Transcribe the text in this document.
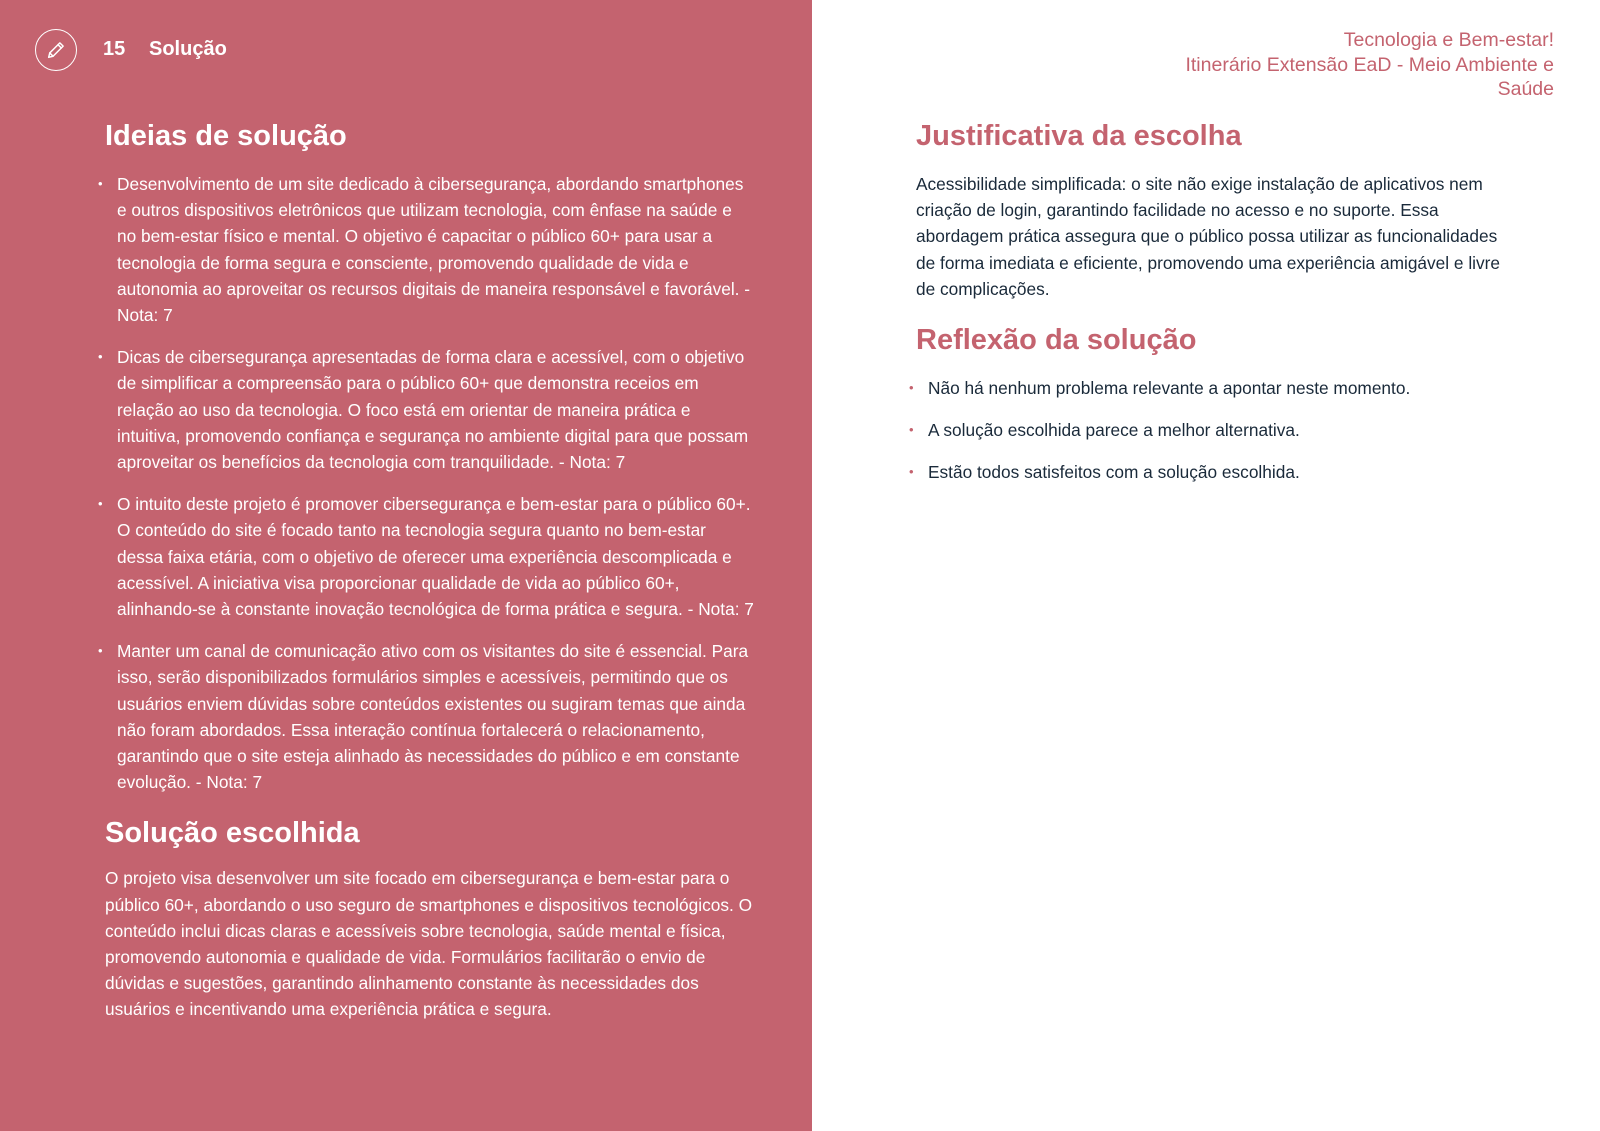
15 Solução
Ideias de solução
• Desenvolvimento de um site dedicado à cibersegurança, abordando smartphones e outros dispositivos eletrônicos que utilizam tecnologia, com ênfase na saúde e no bem-estar físico e mental. O objetivo é capacitar o público 60+ para usar a tecnologia de forma segura e consciente, promovendo qualidade de vida e autonomia ao aproveitar os recursos digitais de maneira responsável e favorável. - Nota: 7
• Dicas de cibersegurança apresentadas de forma clara e acessível, com o objetivo de simplificar a compreensão para o público 60+ que demonstra receios em relação ao uso da tecnologia. O foco está em orientar de maneira prática e intuitiva, promovendo confiança e segurança no ambiente digital para que possam aproveitar os benefícios da tecnologia com tranquilidade. - Nota: 7
• O intuito deste projeto é promover cibersegurança e bem-estar para o público 60+. O conteúdo do site é focado tanto na tecnologia segura quanto no bem-estar dessa faixa etária, com o objetivo de oferecer uma experiência descomplicada e acessível. A iniciativa visa proporcionar qualidade de vida ao público 60+, alinhando-se à constante inovação tecnológica de forma prática e segura. - Nota: 7
• Manter um canal de comunicação ativo com os visitantes do site é essencial. Para isso, serão disponibilizados formulários simples e acessíveis, permitindo que os usuários enviem dúvidas sobre conteúdos existentes ou sugiram temas que ainda não foram abordados. Essa interação contínua fortalecerá o relacionamento, garantindo que o site esteja alinhado às necessidades do público e em constante evolução. - Nota: 7
Solução escolhida

O projeto visa desenvolver um site focado em cibersegurança e bem-estar para o público 60+, abordando o uso seguro de smartphones e dispositivos tecnológicos. O conteúdo inclui dicas claras e acessíveis sobre tecnologia, saúde mental e física, promovendo autonomia e qualidade de vida. Formulários facilitarão o envio de dúvidas e sugestões, garantindo alinhamento constante às necessidades dos usuários e incentivando uma experiência prática e segura.

Tecnologia e Bem-estar!
Itinerário Extensão EaD - Meio Ambiente e
Saúde
Justificativa da escolha

Acessibilidade simplificada: o site não exige instalação de aplicativos nem criação de login, garantindo facilidade no acesso e no suporte. Essa abordagem prática assegura que o público possa utilizar as funcionalidades de forma imediata e eficiente, promovendo uma experiência amigável e livre de complicações.

Reflexão da solução
• Não há nenhum problema relevante a apontar neste momento.
• A solução escolhida parece a melhor alternativa.
• Estão todos satisfeitos com a solução escolhida.
